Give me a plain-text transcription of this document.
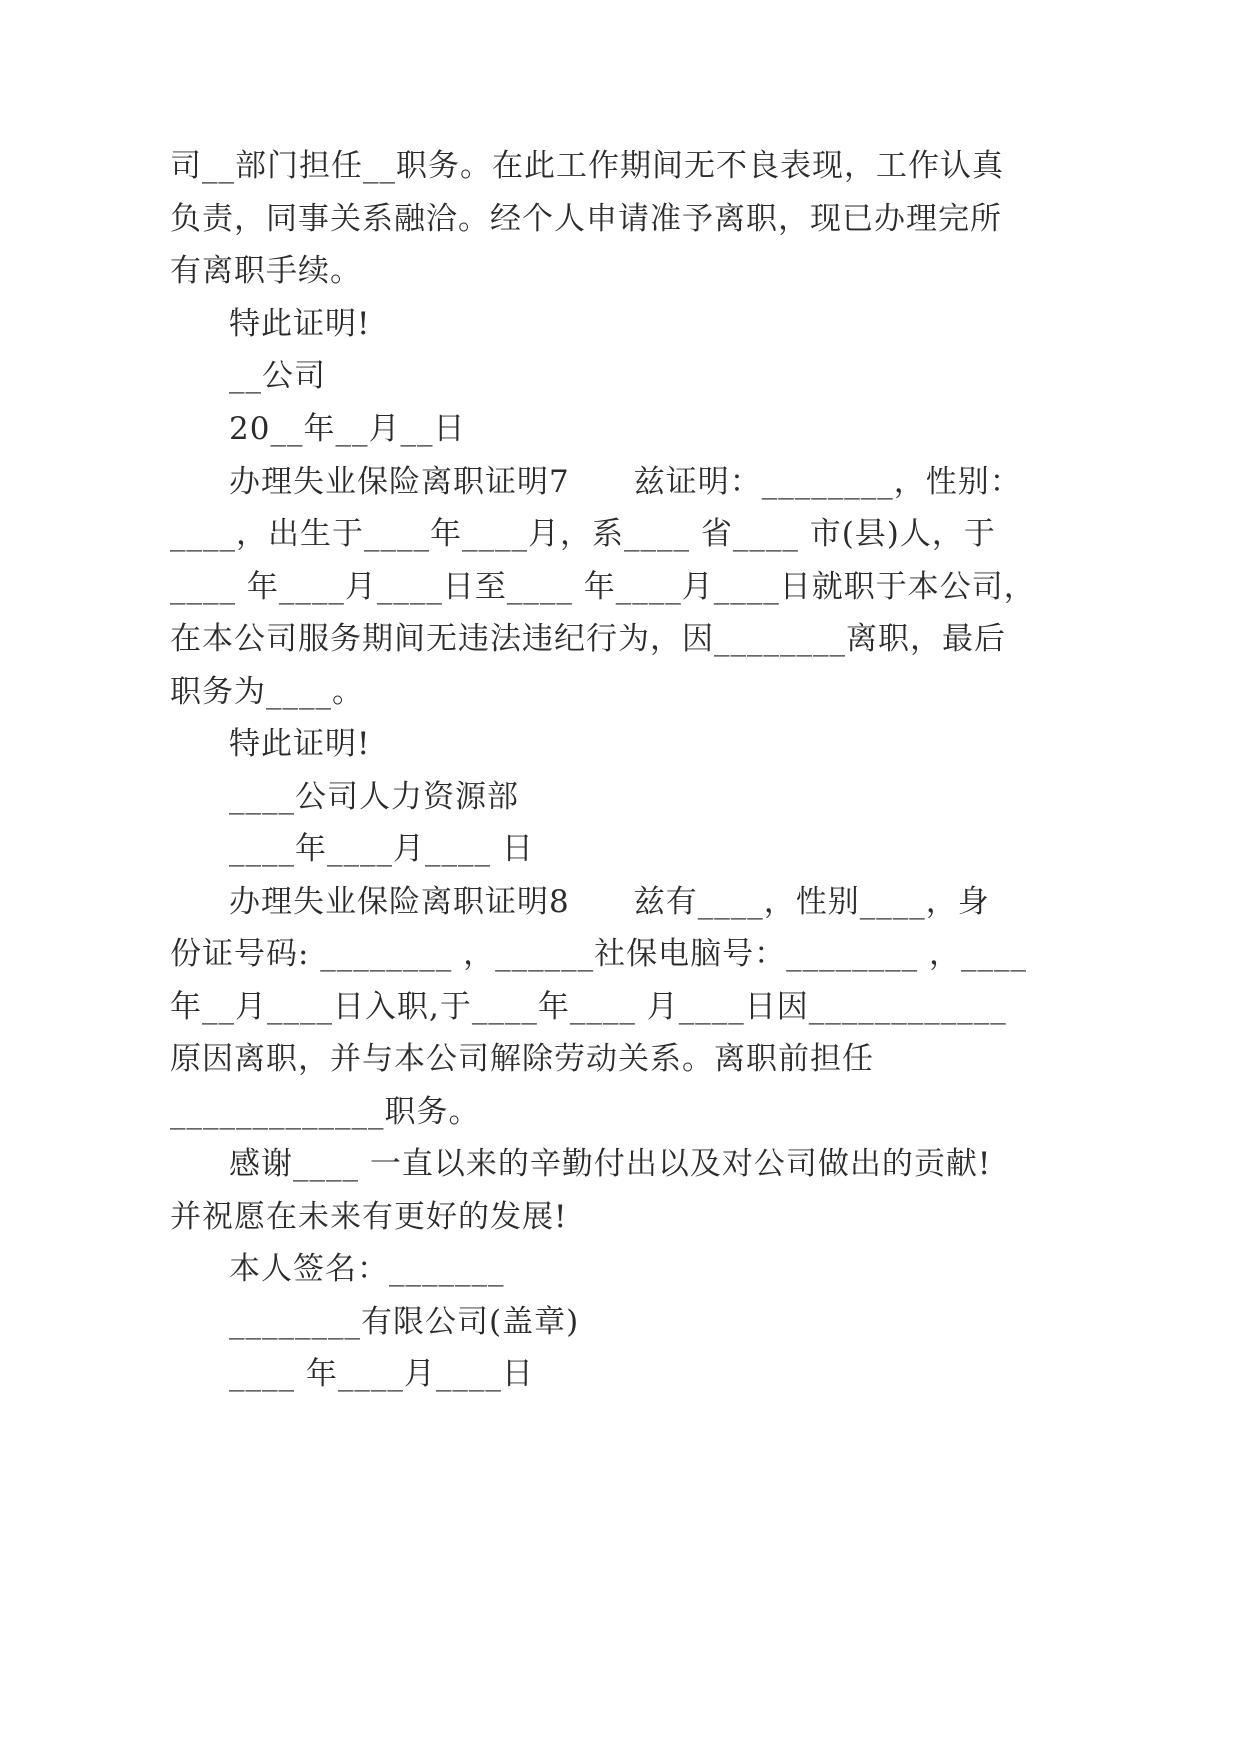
司__部门担任__职务。在此工作期间无不良表现，工作认真
负责，同事关系融洽。经个人申请准予离职，现已办理完所
有离职手续。
特此证明!
__公司
20__年__月__日
办理失业保险离职证明7　　兹证明：________，性别：
____，出生于____年____月，系____ 省____ 市(县)人，于
____ 年____月____日至____ 年____月____日就职于本公司，
在本公司服务期间无违法违纪行为，因________离职，最后
职务为____。
特此证明!
____公司人力资源部
____年____月____ 日
办理失业保险离职证明8　　兹有____，性别____，身
份证号码: ________ ，______社保电脑号：________ ，____
年__月____日入职,于____年____ 月____日因____________
原因离职，并与本公司解除劳动关系。离职前担任
_____________职务。
感谢____ 一直以来的辛勤付出以及对公司做出的贡献!
并祝愿在未来有更好的发展!
本人签名：_______
________有限公司(盖章)
____ 年____月____日
